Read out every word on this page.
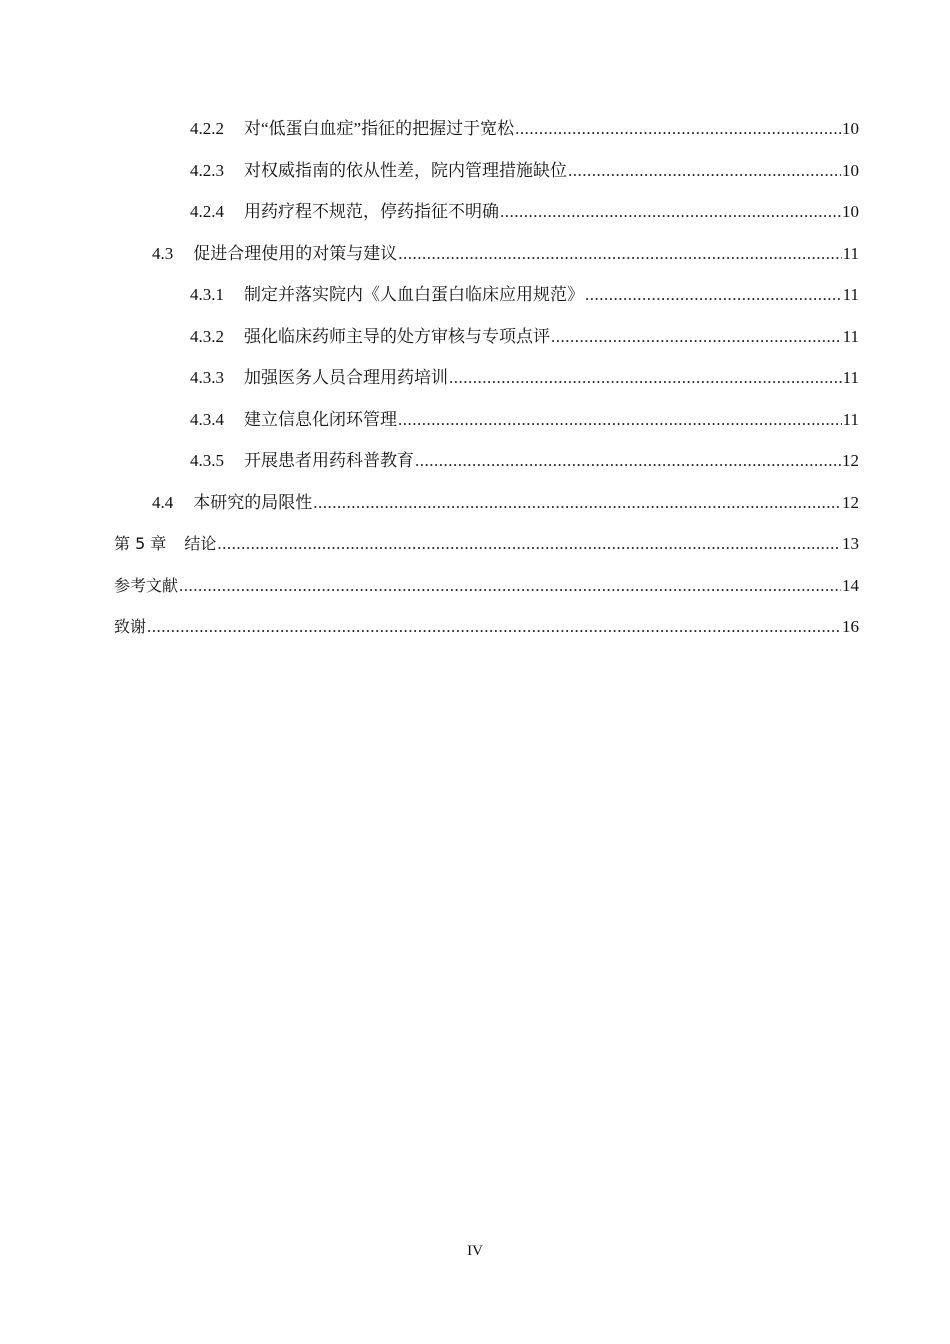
4.2.2 对“低蛋白血症”指征的把握过于宽松 .....	10
4.2.3 对权威指南的依从性差，院内管理措施缺位 .....	10
4.2.4 用药疗程不规范，停药指征不明确 .....	10
4.3 促进合理使用的对策与建议 .....	11
4.3.1 制定并落实院内《人血白蛋白临床应用规范》 .....	11
4.3.2 强化临床药师主导的处方审核与专项点评 .....	11
4.3.3 加强医务人员合理用药培训 .....	11
4.3.4 建立信息化闭环管理 .....	11
4.3.5 开展患者用药科普教育 .....	12
4.4 本研究的局限性 .....	12
第 5 章 结论 .....	13
参考文献 .....	14
致谢 .....	16
IV
